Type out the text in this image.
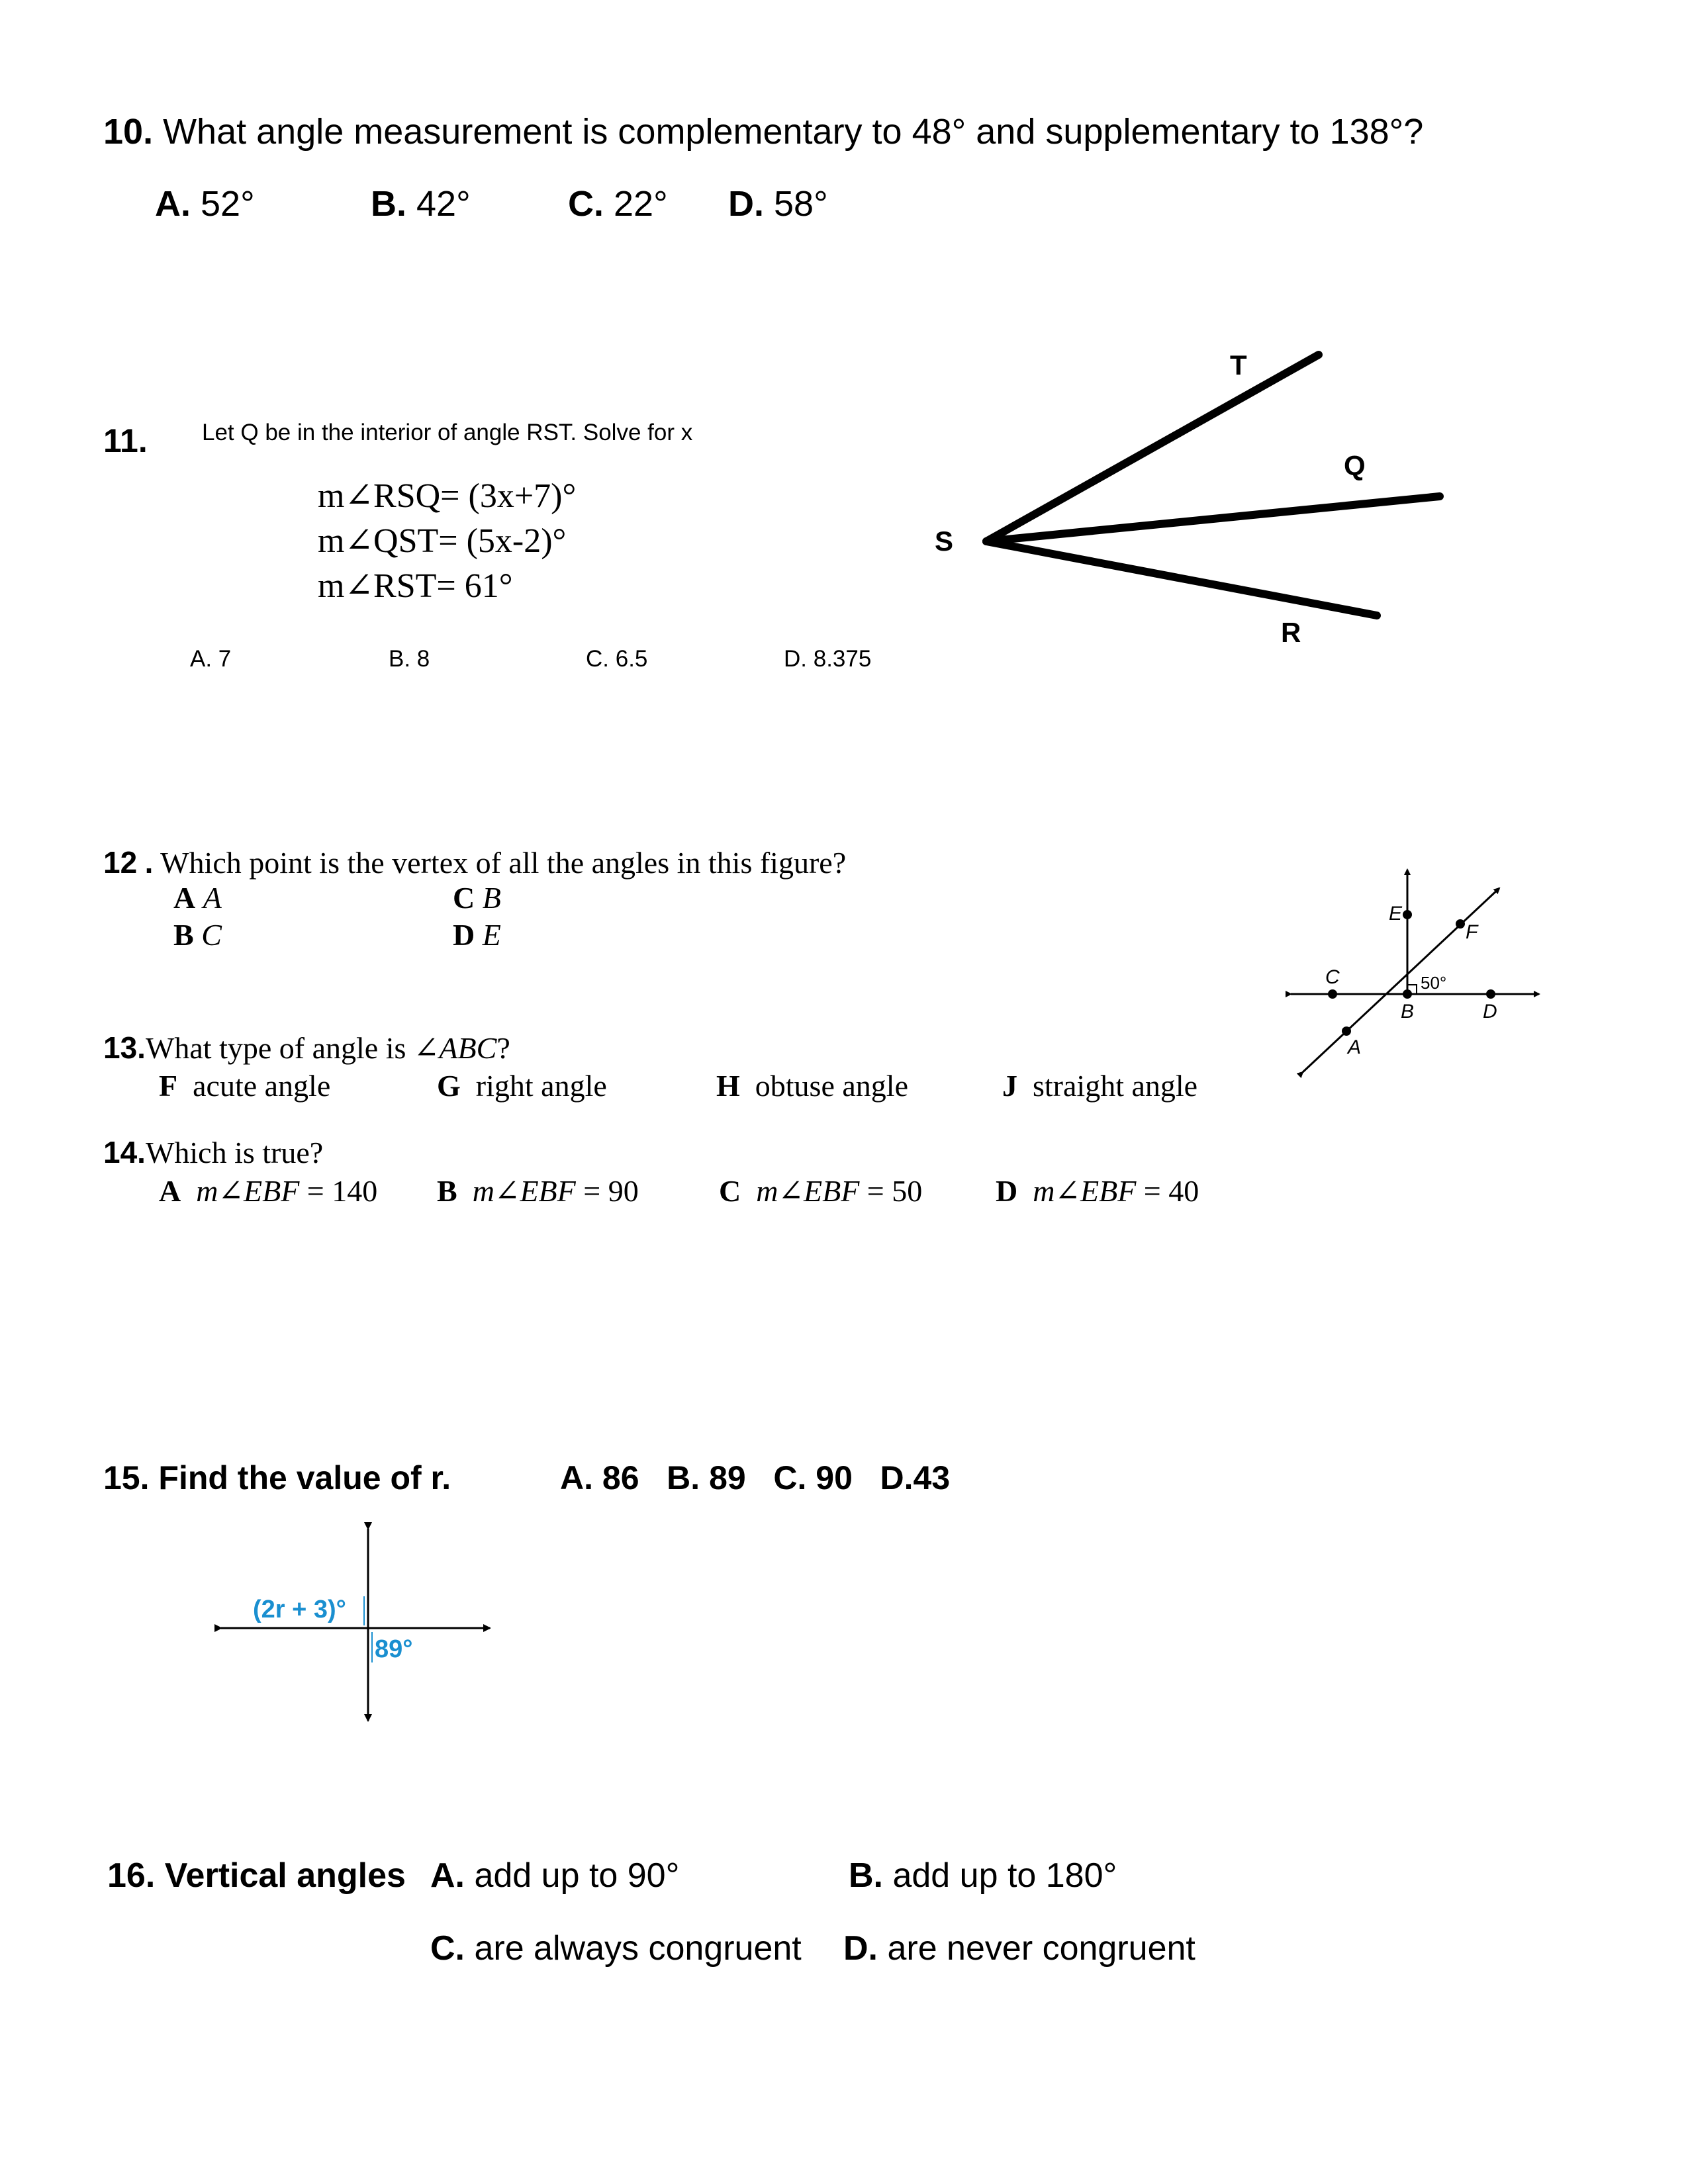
10. What angle measurement is complementary to 48° and supplementary to 138°?
A. 52°	B. 42°	C. 22° D. 58°
11. Let Q be in the interior of angle RST. Solve for x
m∠RSQ= (3x+7)°
m∠QST= (5x-2)°
m∠RST= 61°
A. 7	B. 8	C. 6.5	D. 8.375
T
Q
S
R
12 . Which point is the vertex of all the angles in this figure?
A A	C B
B C	D E
E
F
C
B	D
A
50°
13.What type of angle is ∠ABC?
F acute angle	G right angle	H obtuse angle	J straight angle
14.Which is true?
A m∠EBF = 140 B m∠EBF = 90	C m∠EBF = 50 D m∠EBF = 40
15. Find the value of r.	A. 86   B. 89   C. 90   D.43
(2r + 3)°
89°
16. Vertical angles A. add up to 90°	B. add up to 180°
C. are always congruent D. are never congruent
